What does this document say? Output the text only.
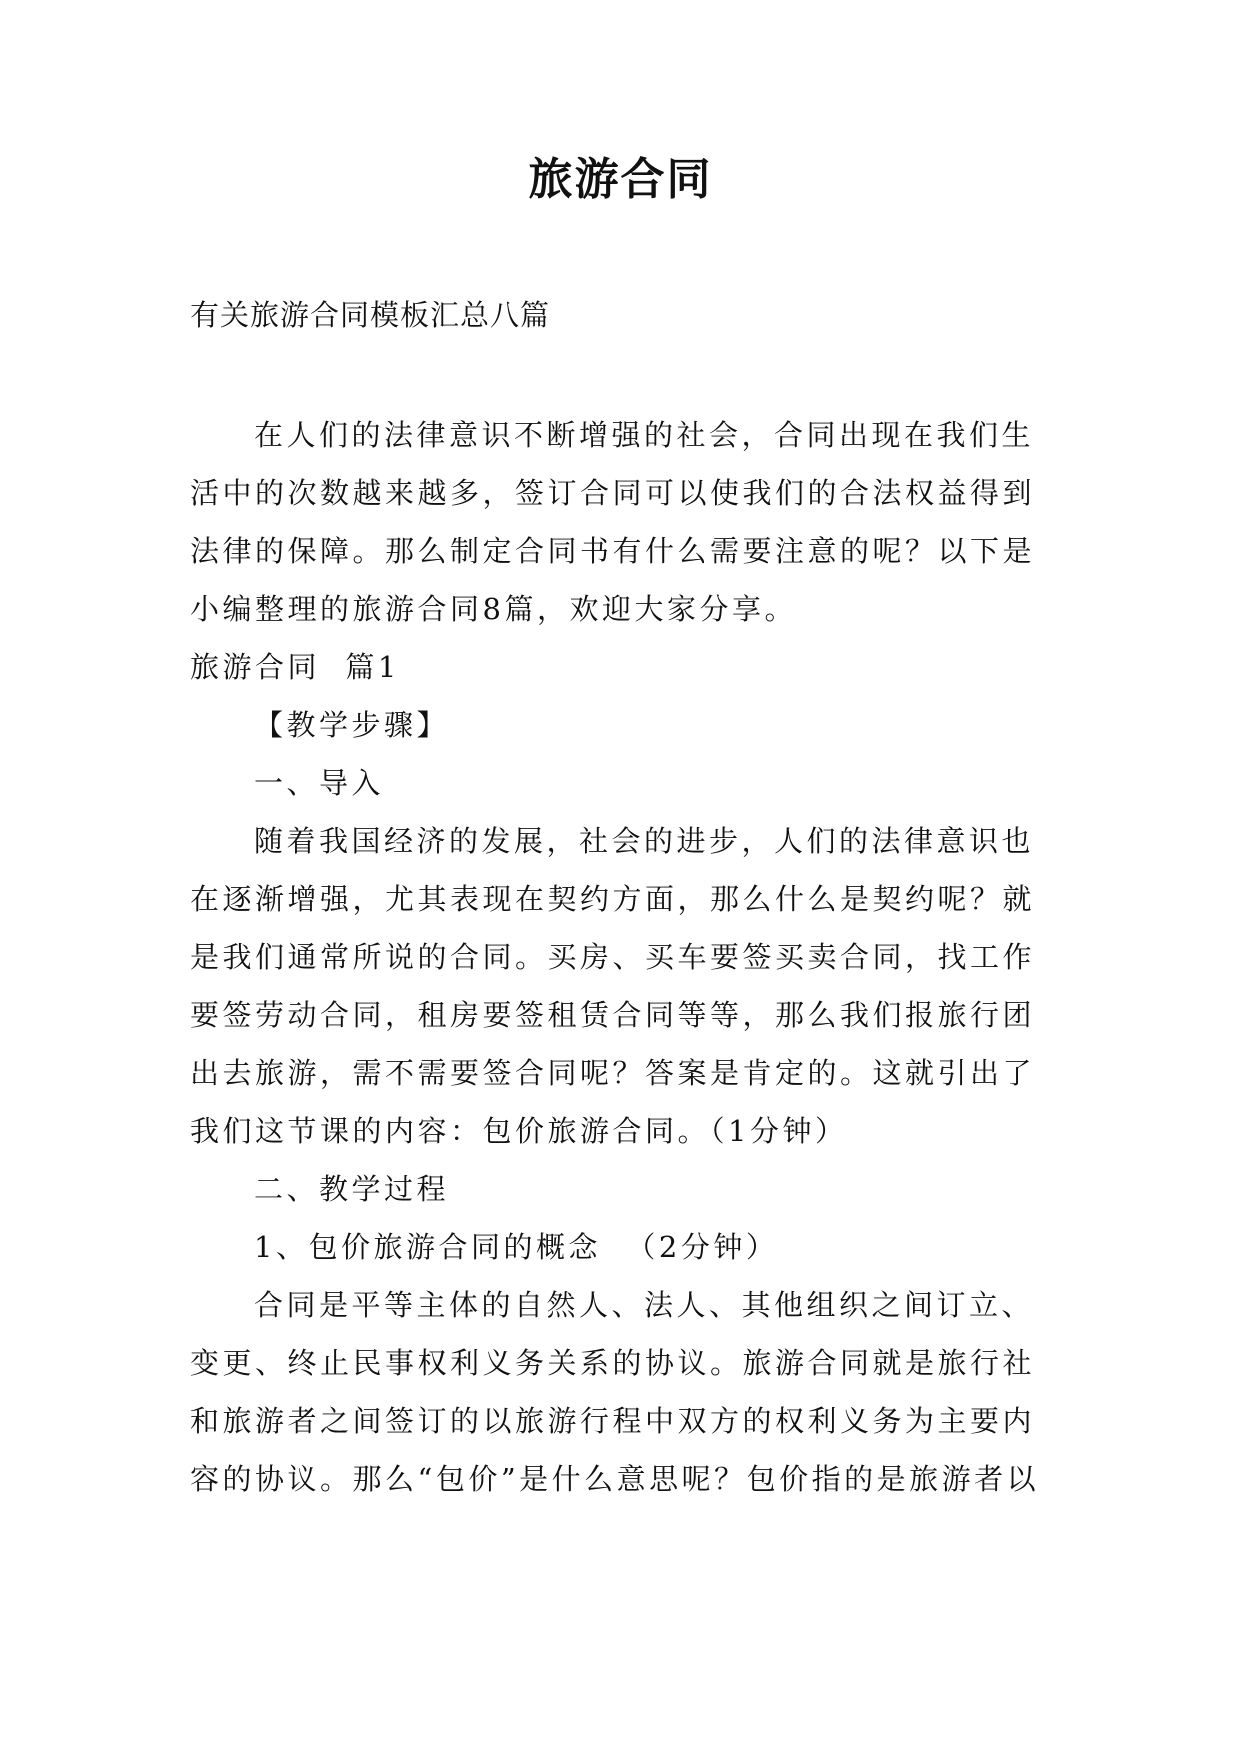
旅游合同
有关旅游合同模板汇总八篇

在人们的法律意识不断增强的社会，合同出现在我们生活中的次数越来越多，签订合同可以使我们的合法权益得到法律的保障。那么制定合同书有什么需要注意的呢？以下是小编整理的旅游合同8篇，欢迎大家分享。

旅游合同  篇1

【教学步骤】

一、导入

随着我国经济的发展，社会的进步，人们的法律意识也在逐渐增强，尤其表现在契约方面，那么什么是契约呢？就是我们通常所说的合同。买房、买车要签买卖合同，找工作要签劳动合同，租房要签租赁合同等等，那么我们报旅行团出去旅游，需不需要签合同呢？答案是肯定的。这就引出了我们这节课的内容：包价旅游合同。（1分钟）

二、教学过程

1、包价旅游合同的概念  （2分钟）

合同是平等主体的自然人、法人、其他组织之间订立、变更、终止民事权利义务关系的协议。旅游合同就是旅行社和旅游者之间签订的以旅游行程中双方的权利义务为主要内容的协议。那么“包价”是什么意思呢？包价指的是旅游者以
